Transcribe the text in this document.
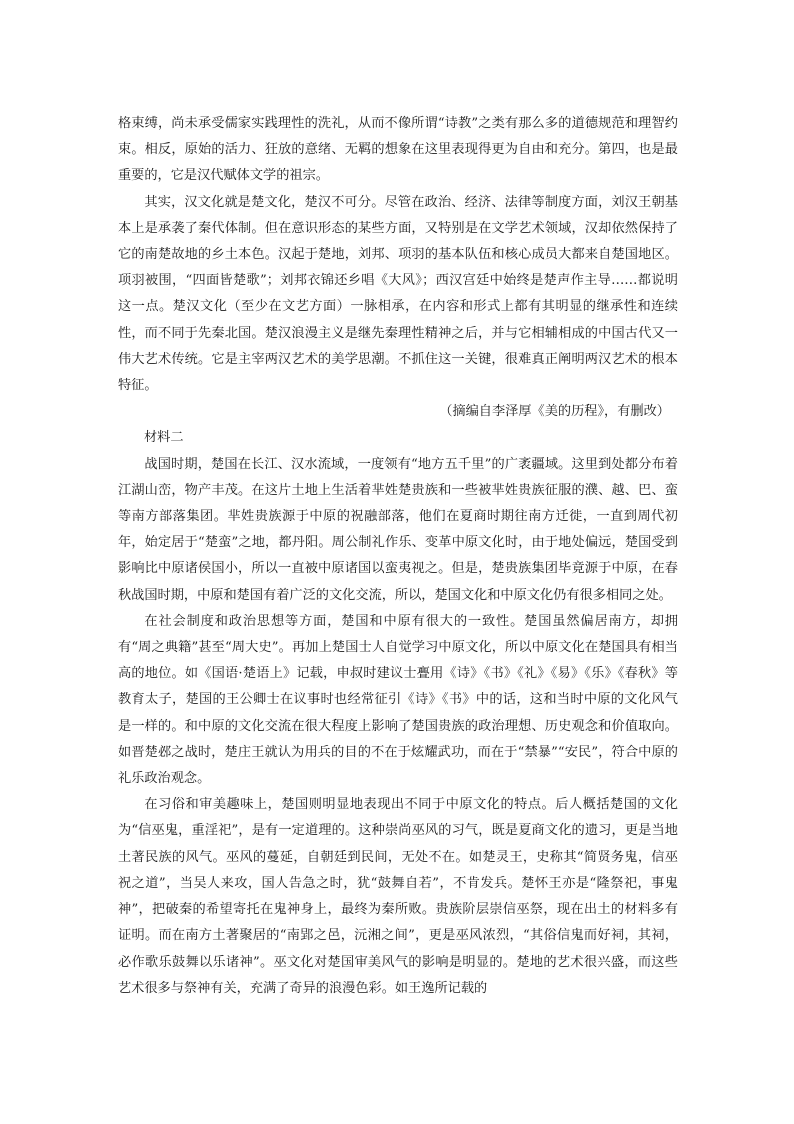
格束缚，尚未承受儒家实践理性的洗礼，从而不像所谓“诗教”之类有那么多的道德规范和理智约束。相反，原始的活力、狂放的意绪、无羁的想象在这里表现得更为自由和充分。第四，也是最重要的，它是汉代赋体文学的祖宗。

其实，汉文化就是楚文化，楚汉不可分。尽管在政治、经济、法律等制度方面，刘汉王朝基本上是承袭了秦代体制。但在意识形态的某些方面，又特别是在文学艺术领域，汉却依然保持了它的南楚故地的乡土本色。汉起于楚地，刘邦、项羽的基本队伍和核心成员大都来自楚国地区。项羽被围，“四面皆楚歌”；刘邦衣锦还乡唱《大风》；西汉宫廷中始终是楚声作主导……都说明这一点。楚汉文化（至少在文艺方面）一脉相承，在内容和形式上都有其明显的继承性和连续性，而不同于先秦北国。楚汉浪漫主义是继先秦理性精神之后，并与它相辅相成的中国古代又一伟大艺术传统。它是主宰两汉艺术的美学思潮。不抓住这一关键，很难真正阐明两汉艺术的根本特征。

（摘编自李泽厚《美的历程》，有删改）

材料二

战国时期，楚国在长江、汉水流域，一度领有“地方五千里”的广袤疆域。这里到处都分布着江湖山峦，物产丰茂。在这片土地上生活着芈姓楚贵族和一些被芈姓贵族征服的濮、越、巴、蛮等南方部落集团。芈姓贵族源于中原的祝融部落，他们在夏商时期往南方迁徙，一直到周代初年，始定居于“楚蛮”之地，都丹阳。周公制礼作乐、变革中原文化时，由于地处偏远，楚国受到影响比中原诸侯国小，所以一直被中原诸国以蛮夷视之。但是，楚贵族集团毕竟源于中原，在春秋战国时期，中原和楚国有着广泛的文化交流，所以，楚国文化和中原文化仍有很多相同之处。

在社会制度和政治思想等方面，楚国和中原有很大的一致性。楚国虽然偏居南方，却拥有“周之典籍”甚至“周大史”。再加上楚国士人自觉学习中原文化，所以中原文化在楚国具有相当高的地位。如《国语·楚语上》记载，申叔时建议士亹用《诗》《书》《礼》《易》《乐》《春秋》等教育太子，楚国的王公卿士在议事时也经常征引《诗》《书》中的话，这和当时中原的文化风气是一样的。和中原的文化交流在很大程度上影响了楚国贵族的政治理想、历史观念和价值取向。如晋楚邲之战时，楚庄王就认为用兵的目的不在于炫耀武功，而在于“禁暴”“安民”，符合中原的礼乐政治观念。

在习俗和审美趣味上，楚国则明显地表现出不同于中原文化的特点。后人概括楚国的文化为“信巫鬼，重淫祀”，是有一定道理的。这种崇尚巫风的习气，既是夏商文化的遗习，更是当地土著民族的风气。巫风的蔓延，自朝廷到民间，无处不在。如楚灵王，史称其“简贤务鬼，信巫祝之道”，当吴人来攻，国人告急之时，犹“鼓舞自若”，不肯发兵。楚怀王亦是“隆祭祀，事鬼神”，把破秦的希望寄托在鬼神身上，最终为秦所败。贵族阶层崇信巫祭，现在出土的材料多有证明。而在南方土著聚居的“南郢之邑，沅湘之间”，更是巫风浓烈，“其俗信鬼而好祠，其祠，必作歌乐鼓舞以乐诸神”。巫文化对楚国审美风气的影响是明显的。楚地的艺术很兴盛，而这些艺术很多与祭神有关，充满了奇异的浪漫色彩。如王逸所记载的
